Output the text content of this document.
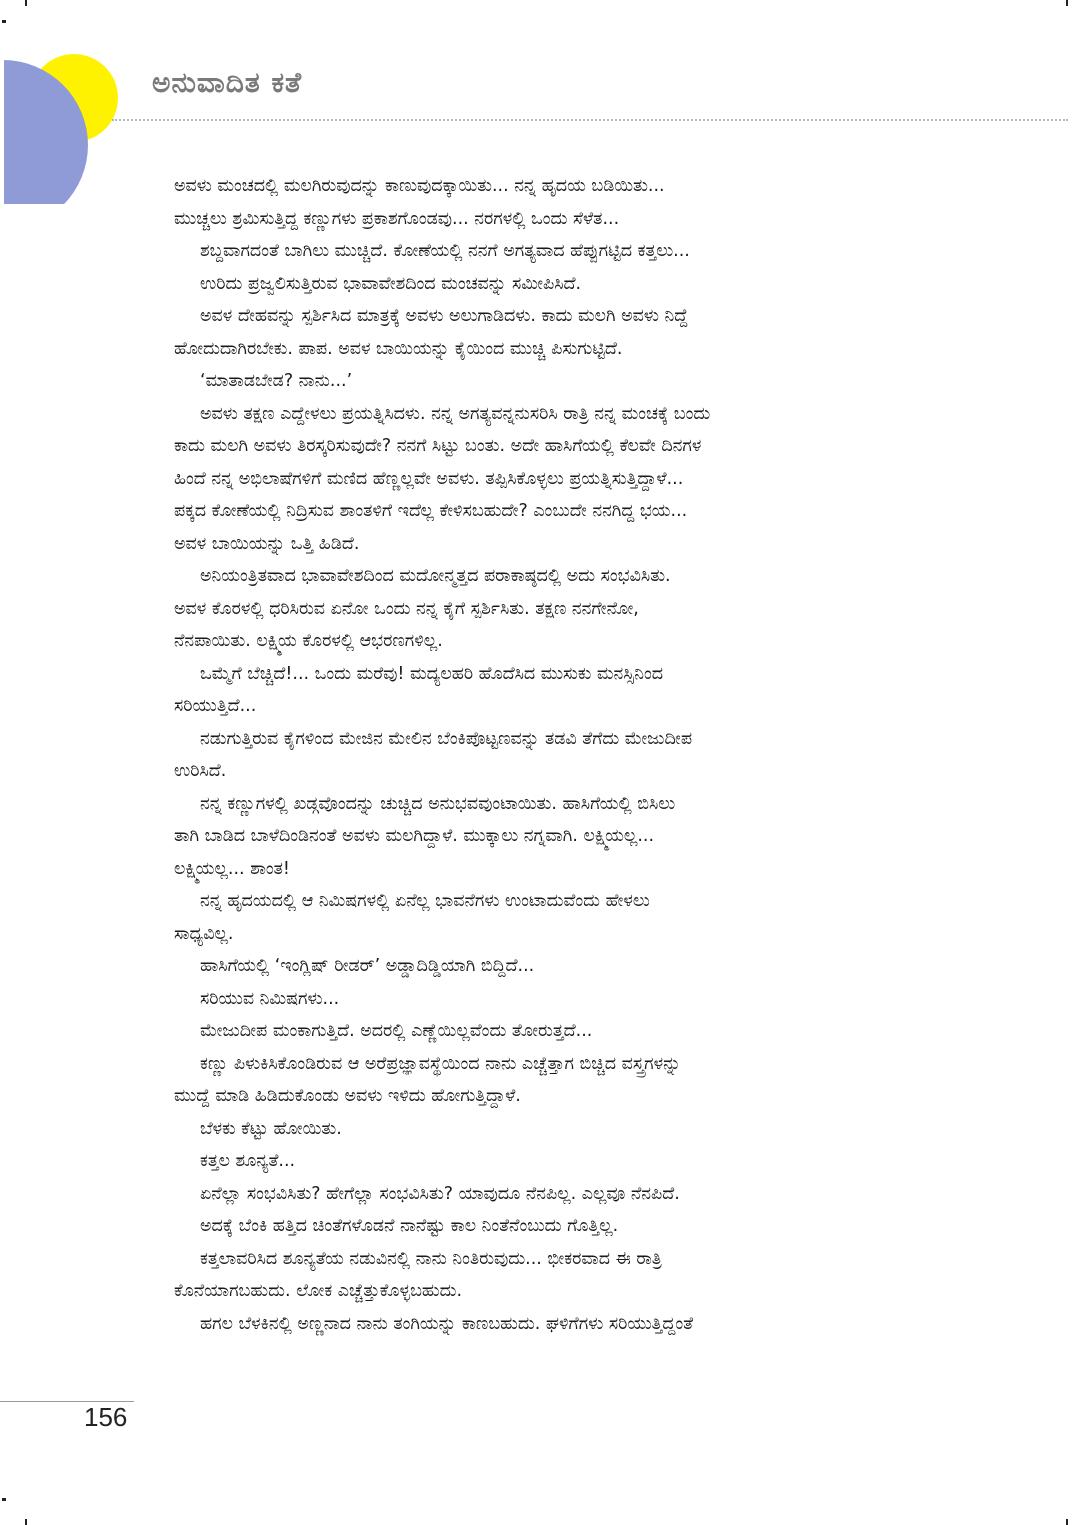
ಅನುವಾದಿತ ಕತೆ

ಅವಳು ಮಂಚದಲ್ಲಿ ಮಲಗಿರುವುದನ್ನು ಕಾಣುವುದಕ್ಕಾಯಿತು... ನನ್ನ ಹೃದಯ ಬಡಿಯಿತು...

ಮುಚ್ಚಲು ಶ್ರಮಿಸುತ್ತಿದ್ದ ಕಣ್ಣುಗಳು ಪ್ರಕಾಶಗೊಂಡವು... ನರಗಳಲ್ಲಿ ಒಂದು ಸೆಳೆತ...

ಶಬ್ದವಾಗದಂತೆ ಬಾಗಿಲು ಮುಚ್ಚಿದೆ. ಕೋಣೆಯಲ್ಲಿ ನನಗೆ ಅಗತ್ಯವಾದ ಹೆಪ್ಪುಗಟ್ಟಿದ ಕತ್ತಲು...

ಉರಿದು ಪ್ರಜ್ವಲಿಸುತ್ತಿರುವ ಭಾವಾವೇಶದಿಂದ ಮಂಚವನ್ನು ಸಮೀಪಿಸಿದೆ.

ಅವಳ ದೇಹವನ್ನು ಸ್ಪರ್ಶಿಸಿದ ಮಾತ್ರಕ್ಕೆ ಅವಳು ಅಲುಗಾಡಿದಳು. ಕಾದು ಮಲಗಿ ಅವಳು ನಿದ್ದೆ

ಹೋದುದಾಗಿರಬೇಕು. ಪಾಪ. ಅವಳ ಬಾಯಿಯನ್ನು ಕೈಯಿಂದ ಮುಚ್ಚಿ ಪಿಸುಗುಟ್ಟಿದೆ.

‘ಮಾತಾಡಬೇಡ? ನಾನು...’

ಅವಳು ತಕ್ಷಣ ಎದ್ದೇಳಲು ಪ್ರಯತ್ನಿಸಿದಳು. ನನ್ನ ಅಗತ್ಯವನ್ನನುಸರಿಸಿ ರಾತ್ರಿ ನನ್ನ ಮಂಚಕ್ಕೆ ಬಂದು

ಕಾದು ಮಲಗಿ ಅವಳು ತಿರಸ್ಕರಿಸುವುದೇ? ನನಗೆ ಸಿಟ್ಟು ಬಂತು. ಅದೇ ಹಾಸಿಗೆಯಲ್ಲಿ ಕೆಲವೇ ದಿನಗಳ

ಹಿಂದೆ ನನ್ನ ಅಭಿಲಾಷೆಗಳಿಗೆ ಮಣಿದ ಹೆಣ್ಣಲ್ಲವೇ ಅವಳು. ತಪ್ಪಿಸಿಕೊಳ್ಳಲು ಪ್ರಯತ್ನಿಸುತ್ತಿದ್ದಾಳೆ...

ಪಕ್ಕದ ಕೋಣೆಯಲ್ಲಿ ನಿದ್ರಿಸುವ ಶಾಂತಳಿಗೆ ಇದೆಲ್ಲ ಕೇಳಿಸಬಹುದೇ? ಎಂಬುದೇ ನನಗಿದ್ದ ಭಯ...

ಅವಳ ಬಾಯಿಯನ್ನು ಒತ್ತಿ ಹಿಡಿದೆ.

ಅನಿಯಂತ್ರಿತವಾದ ಭಾವಾವೇಶದಿಂದ ಮದೋನ್ಮತ್ತದ ಪರಾಕಾಷ್ಠದಲ್ಲಿ ಅದು ಸಂಭವಿಸಿತು.

ಅವಳ ಕೊರಳಲ್ಲಿ ಧರಿಸಿರುವ ಏನೋ ಒಂದು ನನ್ನ ಕೈಗೆ ಸ್ಪರ್ಶಿಸಿತು. ತಕ್ಷಣ ನನಗೇನೋ,

ನೆನಪಾಯಿತು. ಲಕ್ಷ್ಮಿಯ ಕೊರಳಲ್ಲಿ ಆಭರಣಗಳಿಲ್ಲ.

ಒಮ್ಮೆಗೆ ಬೆಚ್ಚಿದೆ!... ಒಂದು ಮರೆವು! ಮದ್ಯಲಹರಿ ಹೊದೆಸಿದ ಮುಸುಕು ಮನಸ್ಸಿನಿಂದ

ಸರಿಯುತ್ತಿದೆ...

ನಡುಗುತ್ತಿರುವ ಕೈಗಳಿಂದ ಮೇಜಿನ ಮೇಲಿನ ಬೆಂಕಿಪೊಟ್ಟಣವನ್ನು ತಡವಿ ತೆಗೆದು ಮೇಜುದೀಪ

ಉರಿಸಿದೆ.

ನನ್ನ ಕಣ್ಣುಗಳಲ್ಲಿ ಖಡ್ಗವೊಂದನ್ನು ಚುಚ್ಚಿದ ಅನುಭವವುಂಟಾಯಿತು. ಹಾಸಿಗೆಯಲ್ಲಿ ಬಿಸಿಲು

ತಾಗಿ ಬಾಡಿದ ಬಾಳೆದಿಂಡಿನಂತೆ ಅವಳು ಮಲಗಿದ್ದಾಳೆ. ಮುಕ್ಕಾಲು ನಗ್ನವಾಗಿ. ಲಕ್ಷ್ಮಿಯಲ್ಲ...

ಲಕ್ಷ್ಮಿಯಲ್ಲ... ಶಾಂತ!

ನನ್ನ ಹೃದಯದಲ್ಲಿ ಆ ನಿಮಿಷಗಳಲ್ಲಿ ಏನೆಲ್ಲ ಭಾವನೆಗಳು ಉಂಟಾದುವೆಂದು ಹೇಳಲು

ಸಾಧ್ಯವಿಲ್ಲ.

ಹಾಸಿಗೆಯಲ್ಲಿ ‘ಇಂಗ್ಲಿಷ್ ರೀಡರ್’ ಅಡ್ಡಾದಿಡ್ಡಿಯಾಗಿ ಬಿದ್ದಿದೆ...

ಸರಿಯುವ ನಿಮಿಷಗಳು...

ಮೇಜುದೀಪ ಮಂಕಾಗುತ್ತಿದೆ. ಅದರಲ್ಲಿ ಎಣ್ಣೆಯಿಲ್ಲವೆಂದು ತೋರುತ್ತದೆ...

ಕಣ್ಣು ಪಿಳುಕಿಸಿಕೊಂಡಿರುವ ಆ ಅರೆಪ್ರಜ್ಞಾವಸ್ಥೆಯಿಂದ ನಾನು ಎಚ್ಚೆತ್ತಾಗ ಬಿಚ್ಚಿದ ವಸ್ತ್ರಗಳನ್ನು

ಮುದ್ದೆ ಮಾಡಿ ಹಿಡಿದುಕೊಂಡು ಅವಳು ಇಳಿದು ಹೋಗುತ್ತಿದ್ದಾಳೆ.

ಬೆಳಕು ಕೆಟ್ಟು ಹೋಯಿತು.

ಕತ್ತಲ ಶೂನ್ಯತೆ...

ಏನೆಲ್ಲಾ ಸಂಭವಿಸಿತು? ಹೇಗೆಲ್ಲಾ ಸಂಭವಿಸಿತು? ಯಾವುದೂ ನೆನಪಿಲ್ಲ. ಎಲ್ಲವೂ ನೆನಪಿದೆ.

ಅದಕ್ಕೆ ಬೆಂಕಿ ಹತ್ತಿದ ಚಿಂತೆಗಳೊಡನೆ ನಾನೆಷ್ಟು ಕಾಲ ನಿಂತೆನೆಂಬುದು ಗೊತ್ತಿಲ್ಲ.

ಕತ್ತಲಾವರಿಸಿದ ಶೂನ್ಯತೆಯ ನಡುವಿನಲ್ಲಿ ನಾನು ನಿಂತಿರುವುದು... ಭೀಕರವಾದ ಈ ರಾತ್ರಿ

ಕೊನೆಯಾಗಬಹುದು. ಲೋಕ ಎಚ್ಚೆತ್ತುಕೊಳ್ಳಬಹುದು.

ಹಗಲ ಬೆಳಕಿನಲ್ಲಿ ಅಣ್ಣನಾದ ನಾನು ತಂಗಿಯನ್ನು ಕಾಣಬಹುದು. ಘಳಿಗೆಗಳು ಸರಿಯುತ್ತಿದ್ದಂತೆ

156
